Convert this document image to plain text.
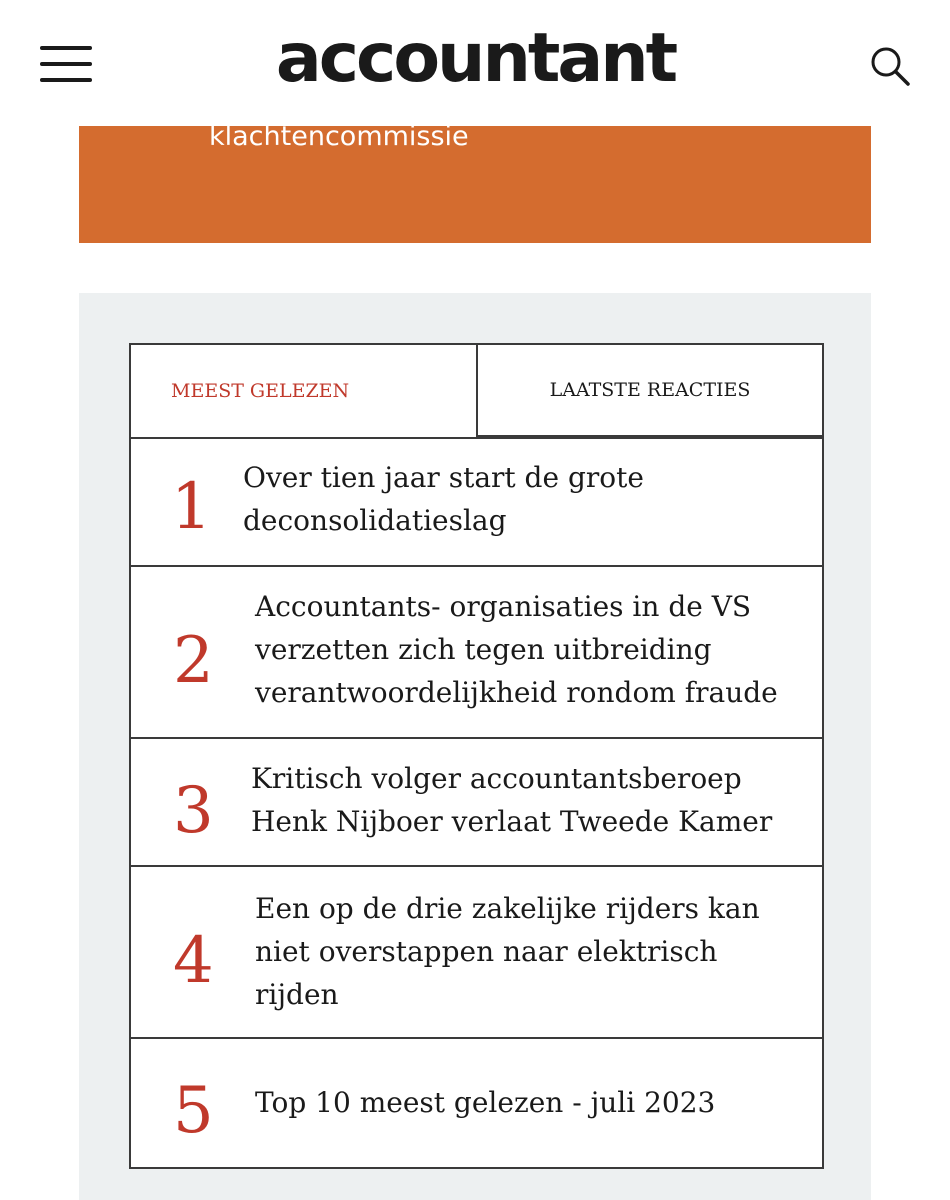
accountant
klachtencommissie
MEEST GELEZEN	LAATSTE REACTIES
1 Over tien jaar start de grote deconsolidatieslag
2
Accountants- organisaties in de VS verzetten zich tegen uitbreiding verantwoordelijkheid rondom fraude
3 Kritisch volger accountantsberoep Henk Nijboer verlaat Tweede Kamer
4
Een op de drie zakelijke rijders kan niet overstappen naar elektrisch rijden
5 Top 10 meest gelezen - juli 2023
